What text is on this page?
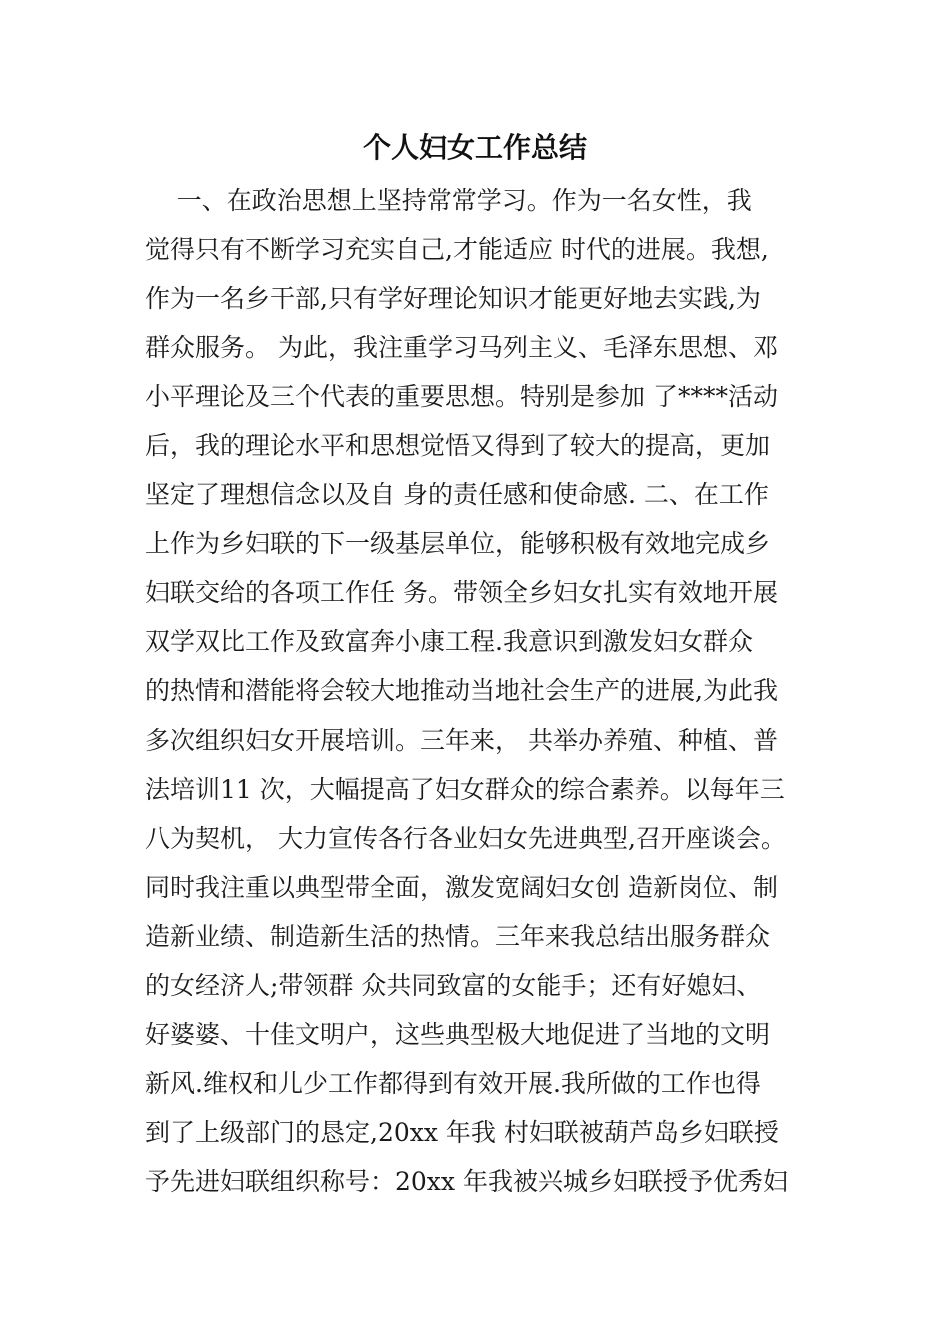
个人妇女工作总结
一、在政治思想上坚持常常学习。作为一名女性，我
觉得只有不断学习充实自己,才能适应 时代的进展。我想,
作为一名乡干部,只有学好理论知识才能更好地去实践,为
群众服务。 为此，我注重学习马列主义、毛泽东思想、邓
小平理论及三个代表的重要思想。特别是参加 了****活动
后，我的理论水平和思想觉悟又得到了较大的提高，更加
坚定了理想信念以及自 身的责任感和使命感. 二、在工作
上作为乡妇联的下一级基层单位，能够积极有效地完成乡
妇联交给的各项工作任 务。带领全乡妇女扎实有效地开展
双学双比工作及致富奔小康工程.我意识到激发妇女群众
的热情和潜能将会较大地推动当地社会生产的进展,为此我
多次组织妇女开展培训。三年来， 共举办养殖、种植、普
法培训11 次，大幅提高了妇女群众的综合素养。以每年三
八为契机， 大力宣传各行各业妇女先进典型,召开座谈会。
同时我注重以典型带全面，激发宽阔妇女创 造新岗位、制
造新业绩、制造新生活的热情。三年来我总结出服务群众
的女经济人;带领群 众共同致富的女能手；还有好媳妇、
好婆婆、十佳文明户，这些典型极大地促进了当地的文明
新风.维权和儿少工作都得到有效开展.我所做的工作也得
到了上级部门的恳定,20xx 年我 村妇联被葫芦岛乡妇联授
予先进妇联组织称号：20xx 年我被兴城乡妇联授予优秀妇
